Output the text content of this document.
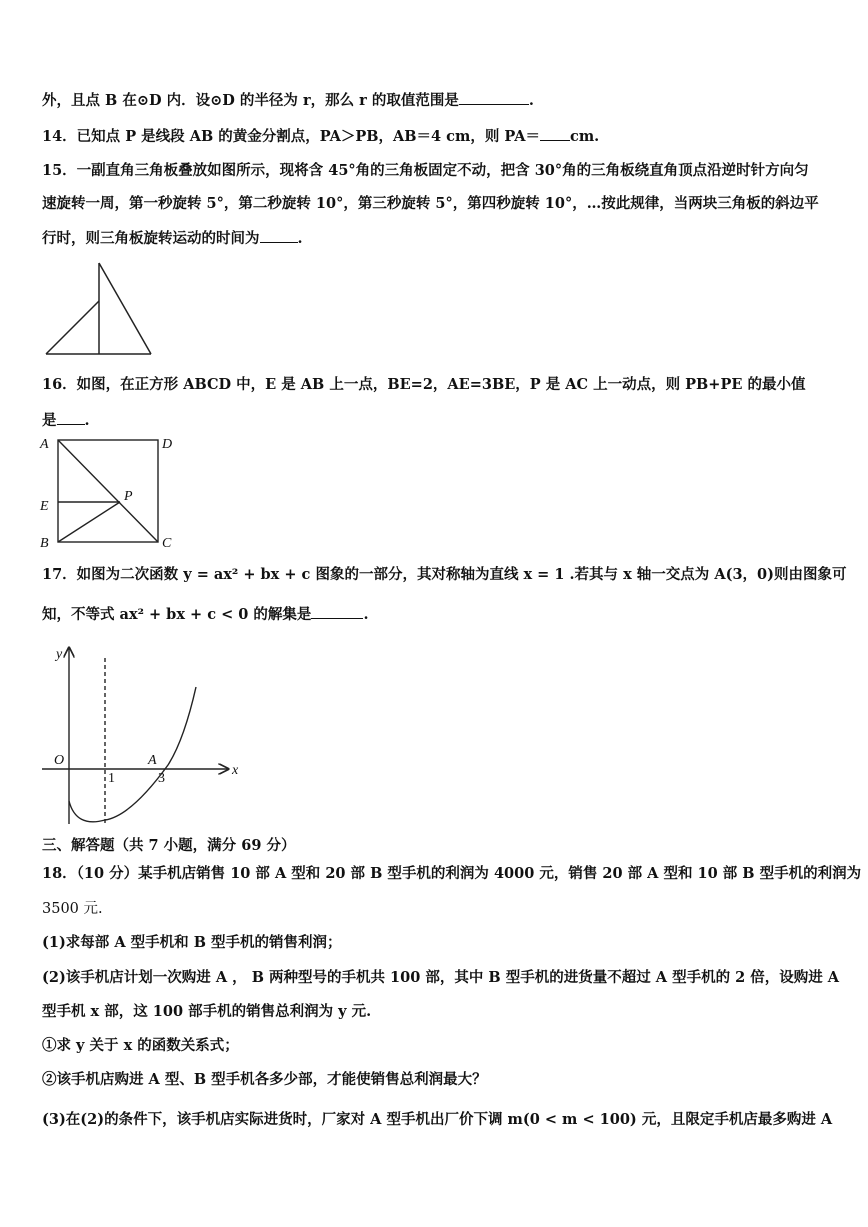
外，且点 B 在⊙D 内．设⊙D 的半径为 r，那么 r 的取值范围是	.
14．已知点 P 是线段 AB 的黄金分割点，PA＞PB，AB＝4 cm，则 PA＝ cm.
15．一副直角三角板叠放如图所示，现将含 45°角的三角板固定不动，把含 30°角的三角板绕直角顶点沿逆时针方向匀
速旋转一周，第一秒旋转 5°，第二秒旋转 10°，第三秒旋转 5°，第四秒旋转 10°，…按此规律，当两块三角板的斜边平
行时，则三角板旋转运动的时间为	.
16．如图，在正方形 ABCD 中，E 是 AB 上一点，BE=2，AE=3BE，P 是 AC 上一动点，则 PB+PE 的最小值
是 .
A	D
E
P
B	C
17．如图为二次函数 y = ax² + bx + c 图象的一部分，其对称轴为直线 x = 1 .若其与 x 轴一交点为 A(3，0)则由图象可
知，不等式 ax² + bx + c < 0 的解集是	.
y
x
O
1
A
3
三、解答题（共 7 小题，满分 69 分）
18．（10 分）某手机店销售 10 部 A 型和 20 部 B 型手机的利润为 4000 元，销售 20 部 A 型和 10 部 B 型手机的利润为
3500 元.
(1)求每部 A 型手机和 B 型手机的销售利润；
(2)该手机店计划一次购进 A ， B 两种型号的手机共 100 部，其中 B 型手机的进货量不超过 A 型手机的 2 倍，设购进 A
型手机 x 部，这 100 部手机的销售总利润为 y 元.
①求 y 关于 x 的函数关系式；
②该手机店购进 A 型、B 型手机各多少部，才能使销售总利润最大？
(3)在(2)的条件下，该手机店实际进货时，厂家对 A 型手机出厂价下调 m(0 < m < 100) 元，且限定手机店最多购进 A
